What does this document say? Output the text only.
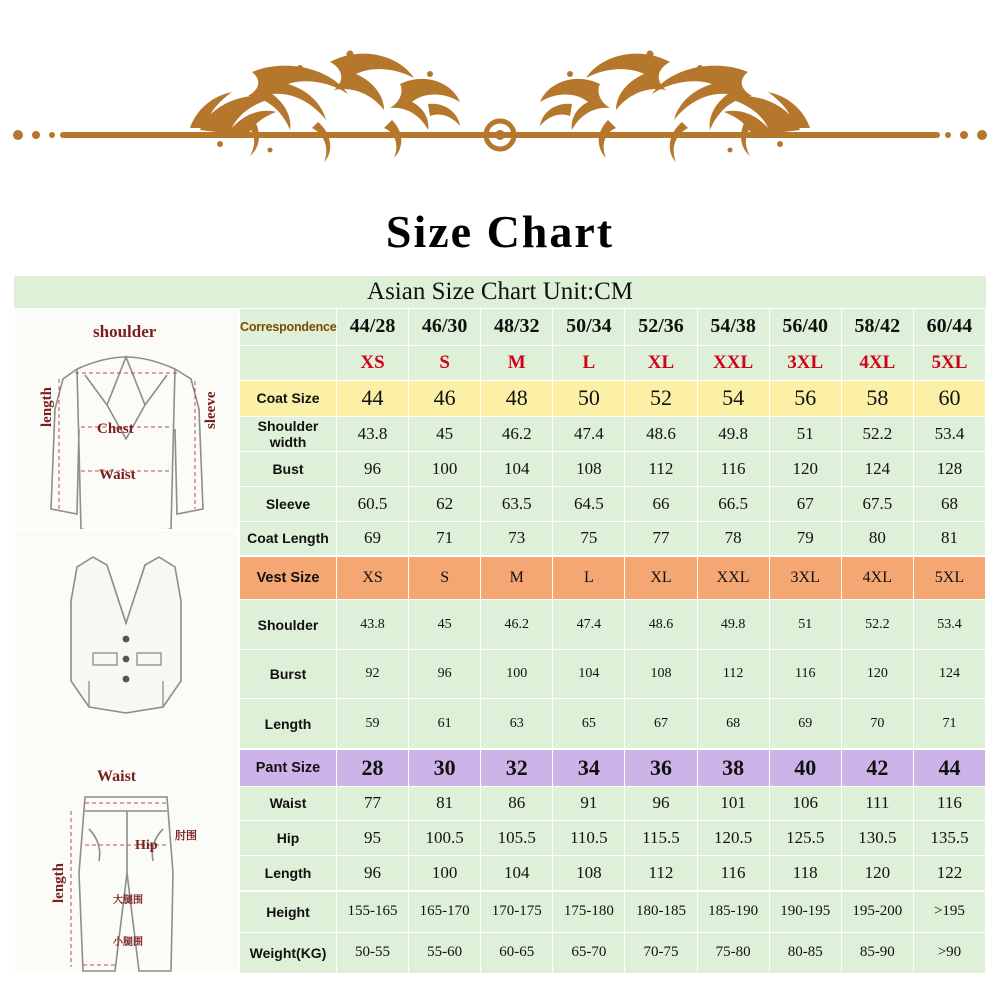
Size Chart
Asian Size Chart Unit:CM
shoulder
length	sleeve
Chest
Waist
Waist
length
Hip
肘围
大腿围
小腿围
cuff
Correspondence	44/28	46/30	48/32	50/34	52/36	54/38	56/40	58/42	60/44
	XS	S	M	L	XL	XXL	3XL	4XL	5XL
Coat Size	44	46	48	50	52	54	56	58	60
Shoulder width	43.8	45	46.2	47.4	48.6	49.8	51	52.2	53.4
Bust	96	100	104	108	112	116	120	124	128
Sleeve	60.5	62	63.5	64.5	66	66.5	67	67.5	68
Coat Length	69	71	73	75	77	78	79	80	81
Vest Size	XS	S	M	L	XL	XXL	3XL	4XL	5XL
Shoulder	43.8	45	46.2	47.4	48.6	49.8	51	52.2	53.4
Burst	92	96	100	104	108	112	116	120	124
Length	59	61	63	65	67	68	69	70	71
Pant Size	28	30	32	34	36	38	40	42	44
Waist	77	81	86	91	96	101	106	111	116
Hip	95	100.5	105.5	110.5	115.5	120.5	125.5	130.5	135.5
Length	96	100	104	108	112	116	118	120	122
Height	155-165	165-170	170-175	175-180	180-185	185-190	190-195	195-200	>195
Weight(KG)	50-55	55-60	60-65	65-70	70-75	75-80	80-85	85-90	>90
